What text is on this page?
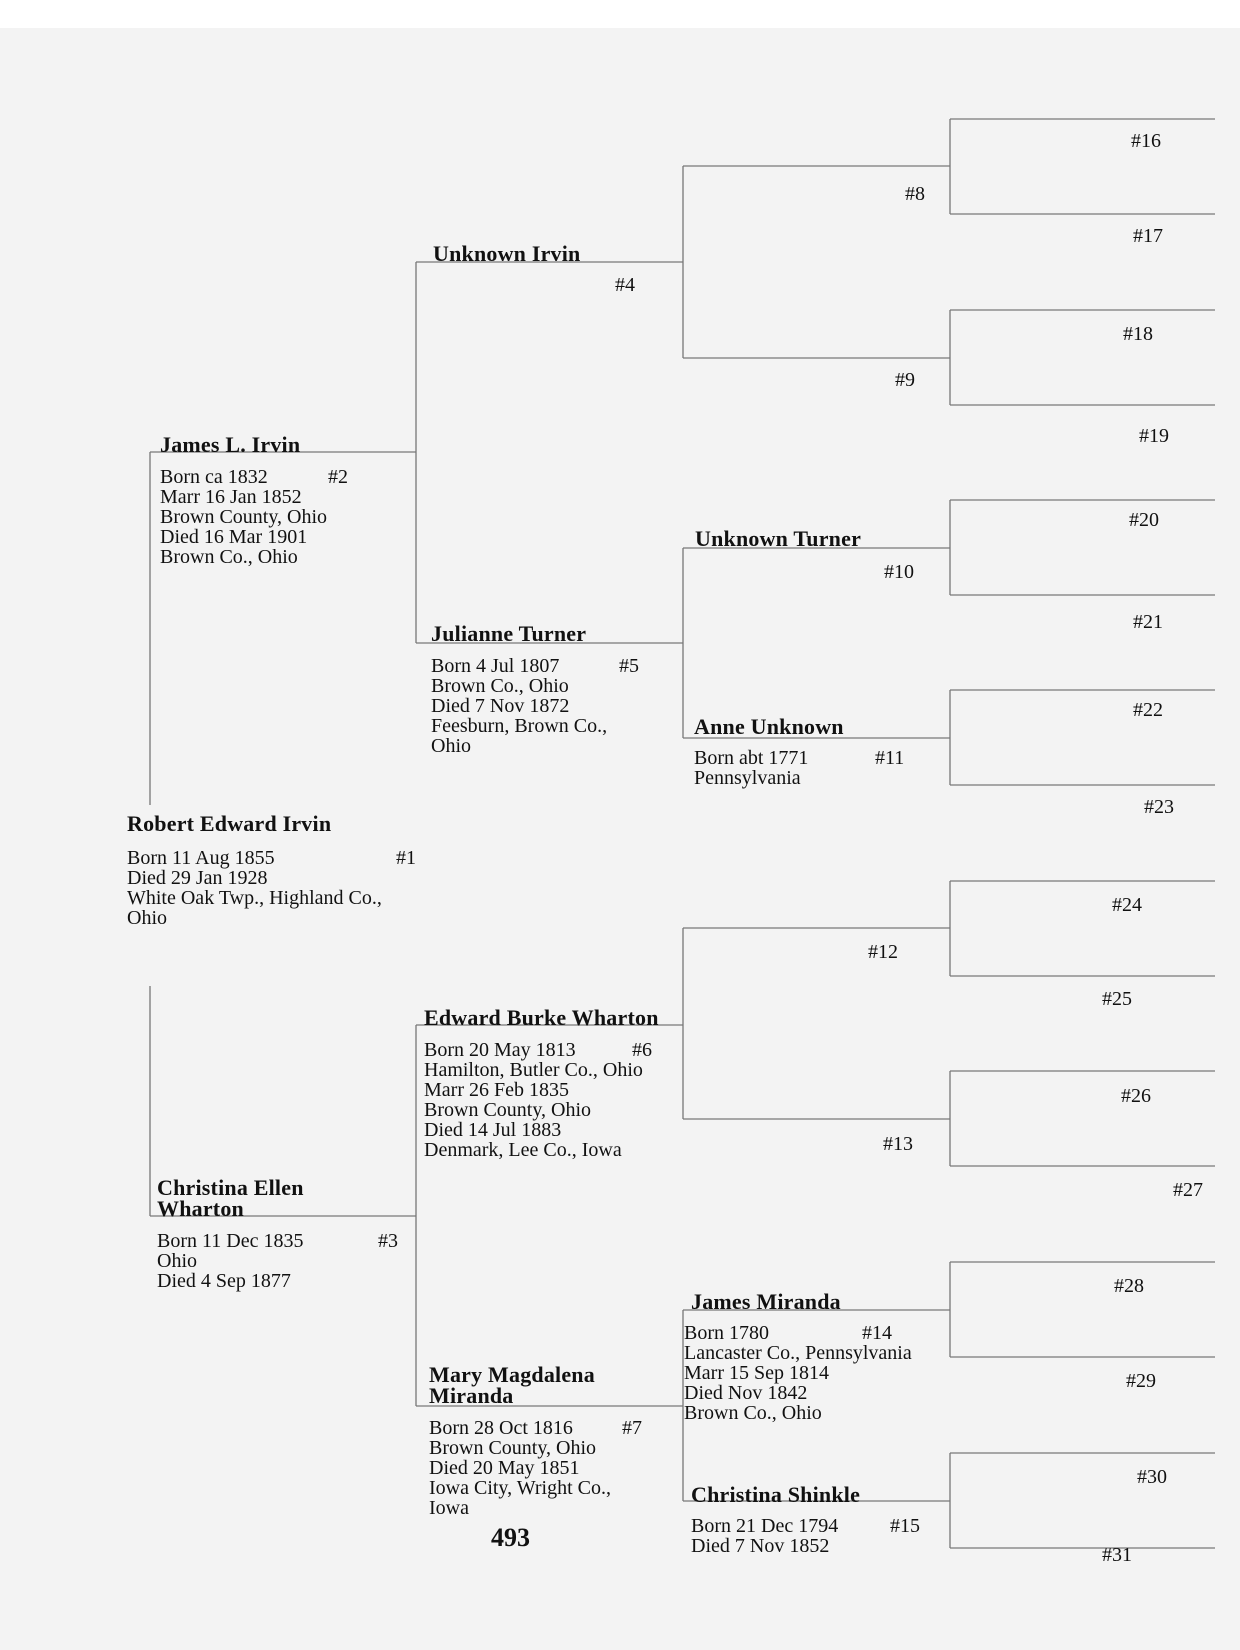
Robert Edward Irvin
#1
Born 11 Aug 1855
Died 29 Jan 1928
White Oak Twp., Highland Co.,
Ohio
James L. Irvin
#2
Born ca 1832
Marr 16 Jan 1852
Brown County, Ohio
Died 16 Mar 1901
Brown Co., Ohio
Christina Ellen
Wharton
#3
Born 11 Dec 1835
Ohio
Died 4 Sep 1877
Unknown Irvin
#4
Julianne Turner
#5
Born 4 Jul 1807
Brown Co., Ohio
Died 7 Nov 1872
Feesburn, Brown Co.,
Ohio
Edward Burke Wharton
#6
Born 20 May 1813
Hamilton, Butler Co., Ohio
Marr 26 Feb 1835
Brown County, Ohio
Died 14 Jul 1883
Denmark, Lee Co., Iowa
Mary Magdalena
Miranda
#7
Born 28 Oct 1816
Brown County, Ohio
Died 20 May 1851
Iowa City, Wright Co.,
Iowa
#8
#9
Unknown Turner
#10
Anne Unknown
#11
Born abt 1771
Pennsylvania
#12
#13
James Miranda
#14
Born 1780
Lancaster Co., Pennsylvania
Marr 15 Sep 1814
Died Nov 1842
Brown Co., Ohio
Christina Shinkle
#15
Born 21 Dec 1794
Died 7 Nov 1852
#16
#17
#18
#19
#20
#21
#22
#23
#24
#25
#26
#27
#28
#29
#30
#31
493
